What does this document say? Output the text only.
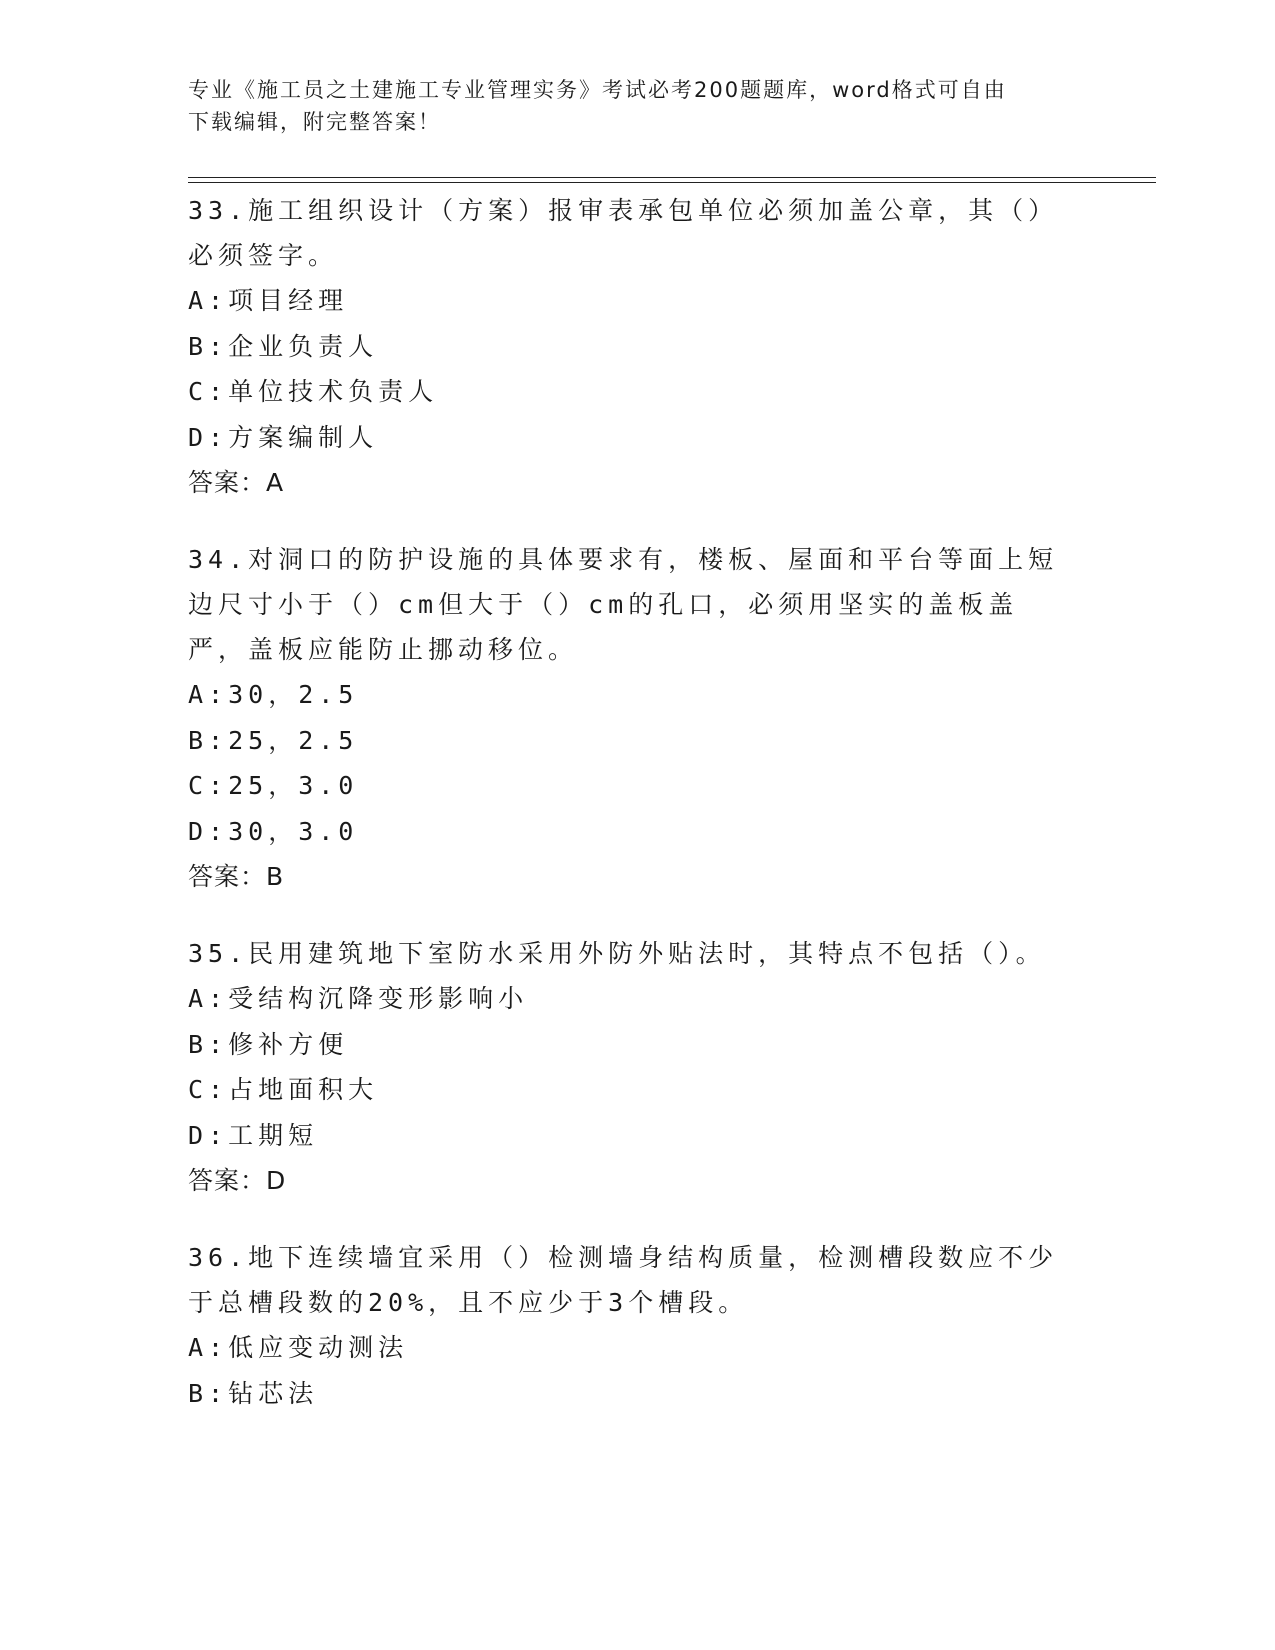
专业《施工员之土建施工专业管理实务》考试必考200题题库，word格式可自由
下载编辑，附完整答案！
33.施工组织设计（方案）报审表承包单位必须加盖公章，其（）必须签字。
A:项目经理
B:企业负责人
C:单位技术负责人
D:方案编制人
答案：A
34.对洞口的防护设施的具体要求有，楼板、屋面和平台等面上短边尺寸小于（）cm但大于（）cm的孔口，必须用坚实的盖板盖严，盖板应能防止挪动移位。
A:30，2.5
B:25，2.5
C:25，3.0
D:30，3.0
答案：B
35.民用建筑地下室防水采用外防外贴法时，其特点不包括（）。
A:受结构沉降变形影响小
B:修补方便
C:占地面积大
D:工期短
答案：D
36.地下连续墙宜采用（）检测墙身结构质量，检测槽段数应不少于总槽段数的20%，且不应少于3个槽段。
A:低应变动测法
B:钻芯法
